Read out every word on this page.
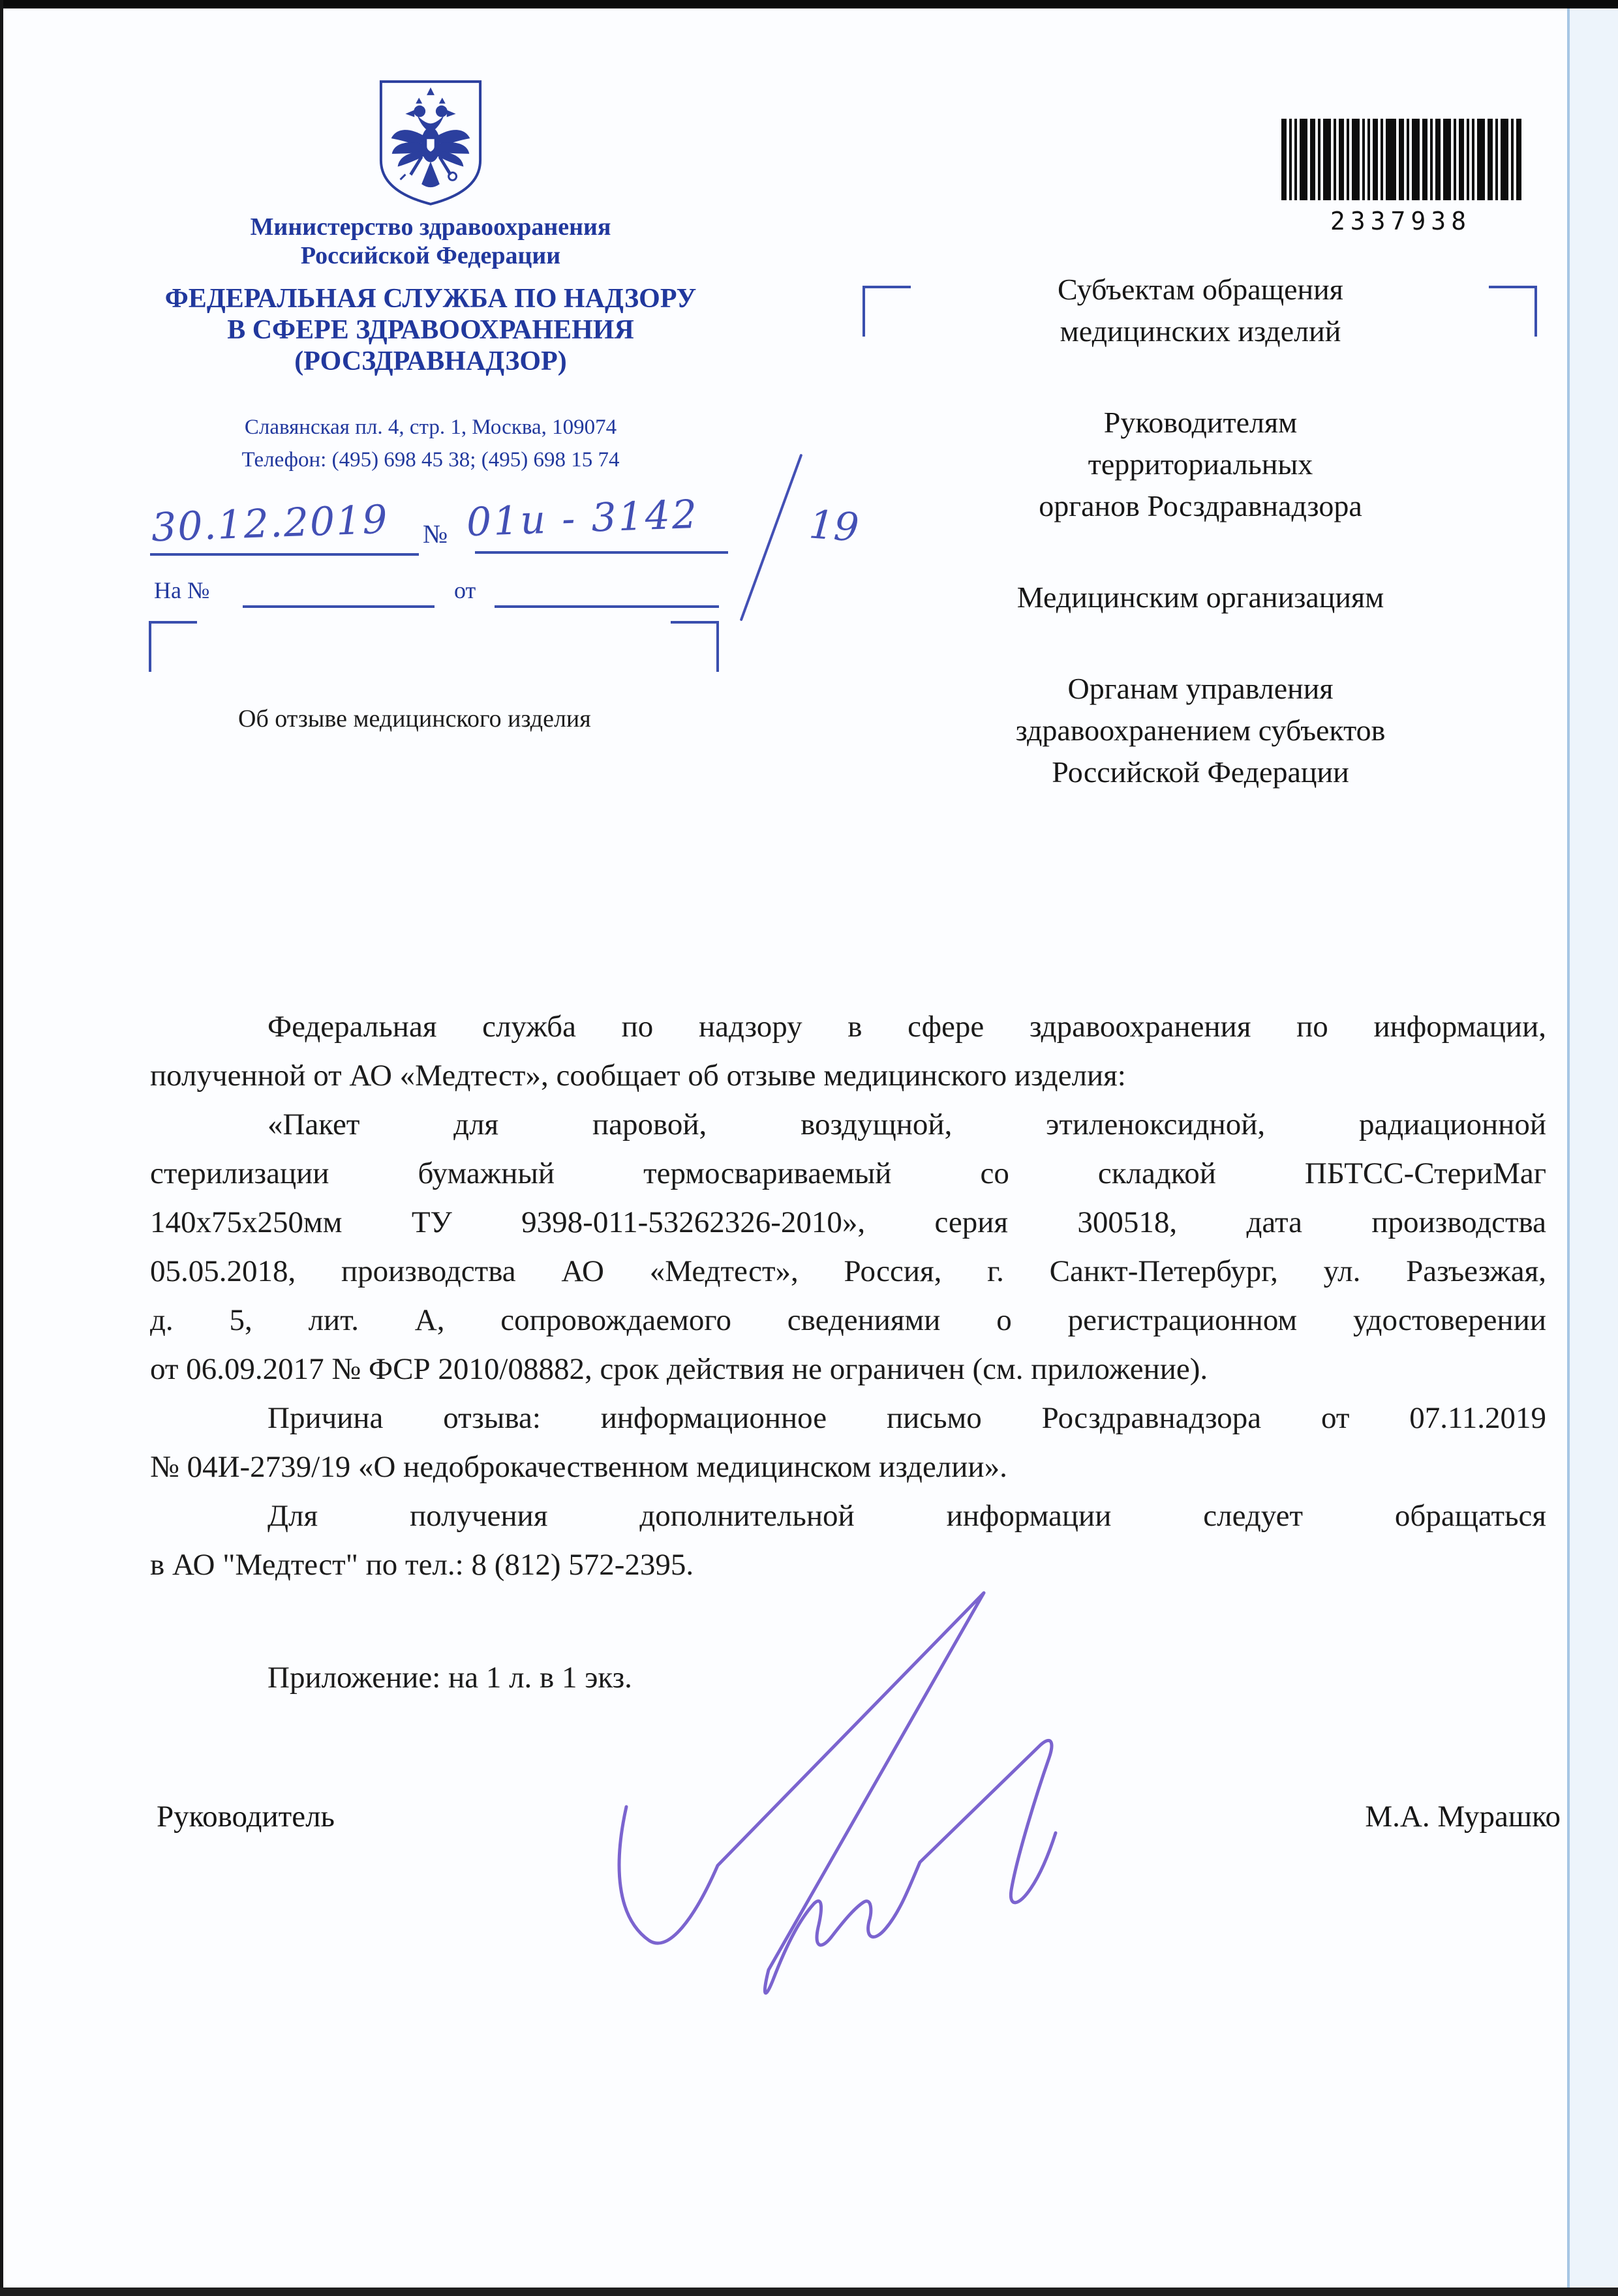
Министерство здравоохранения
Российской Федерации
ФЕДЕРАЛЬНАЯ СЛУЖБА ПО НАДЗОРУ
В СФЕРЕ ЗДРАВООХРАНЕНИЯ
(РОСЗДРАВНАДЗОР)
Славянская пл. 4, стр. 1, Москва, 109074
Телефон: (495) 698 45 38; (495) 698 15 74
2337938
30.12.2019 № 01и - 3142	19
На №	от
Субъектам обращения
медицинских изделий
Руководителям
территориальных
органов Росздравнадзора
Медицинским организациям
Органам управления
здравоохранением субъектов
Российской Федерации
Об отзыве медицинского изделия
Федеральная служба по надзору в сфере здравоохранения по информации,
полученной от АО «Медтест», сообщает об отзыве медицинского изделия:
«Пакет для паровой, воздущной, этиленоксидной, радиационной
стерилизации бумажный термосвариваемый со складкой ПБТСС-СтериМаг
140х75х250мм ТУ 9398-011-53262326-2010», серия 300518, дата производства
05.05.2018, производства АО «Медтест», Россия, г. Санкт-Петербург, ул. Разъезжая,
д. 5, лит. А, сопровождаемого сведениями о регистрационном удостоверении
от 06.09.2017 № ФСР 2010/08882, срок действия не ограничен (см. приложение).
Причина отзыва: информационное письмо Росздравнадзора от 07.11.2019
№ 04И-2739/19 «О недоброкачественном медицинском изделии».
Для получения дополнительной информации следует обращаться
в АО "Медтест" по тел.: 8 (812) 572-2395.
Приложение: на 1 л. в 1 экз.
Руководитель	М.А. Мурашко
